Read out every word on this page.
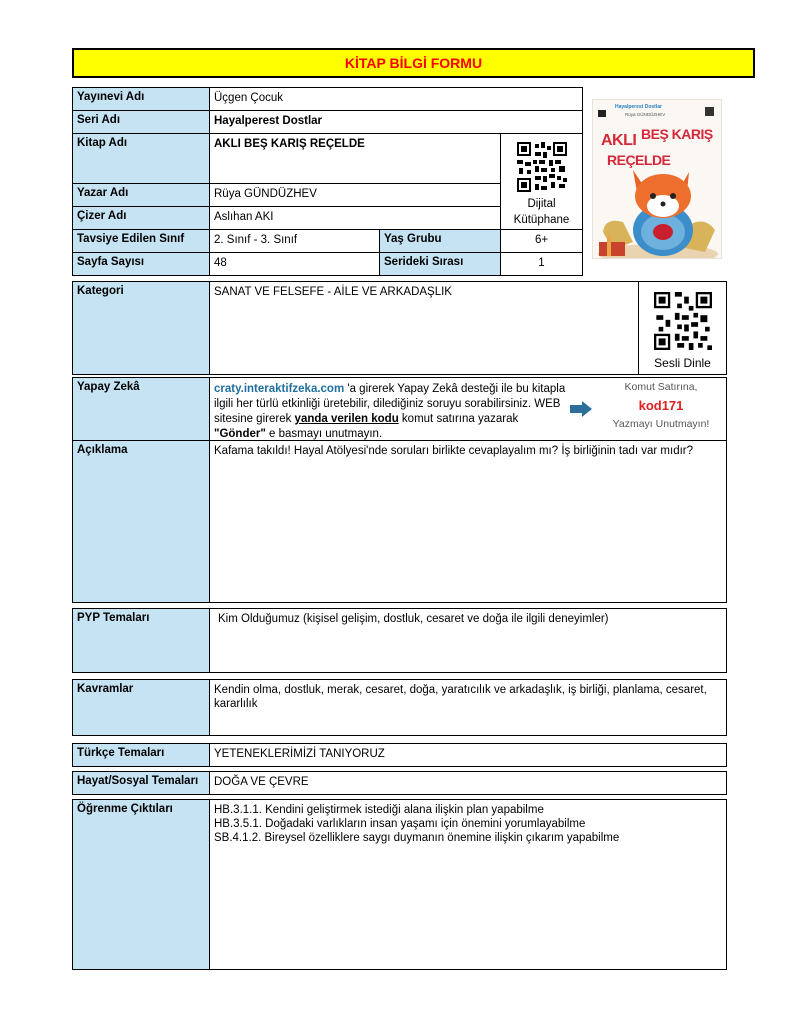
KİTAP BİLGİ FORMU
Yayınevi Adı	Üçgen Çocuk
Seri Adı	Hayalperest Dostlar
Kitap Adı	AKLI BEŞ KARIŞ REÇELDE
Yazar Adı	Rüya GÜNDÜZHEV
Çizer Adı	Aslıhan AKI
Dijital Kütüphane
Tavsiye Edilen Sınıf	2. Sınıf - 3. Sınıf	Yaş Grubu	6+
Sayfa Sayısı	48	Serideki Sırası	1
Hayalperest Dostlar
Rüya GÜNDÜZHEV
AKLI BEŞ KARIŞ
REÇELDE
Kategori	SANAT VE FELSEFE - AİLE VE ARKADAŞLIK
Sesli Dinle
Yapay Zekâ	craty.interaktifzeka.com 'a girerek Yapay Zekâ desteği ile bu kitapla ilgili her türlü etkinliği üretebilir, dilediğiniz soruyu sorabilirsiniz. WEB sitesine girerek yanda verilen kodu komut satırına yazarak "Gönder" e basmayı unutmayın.
Komut Satırına,
kod171
Yazmayı Unutmayın!
Açıklama	Kafama takıldı! Hayal Atölyesi'nde soruları birlikte cevaplayalım mı? İş birliğinin tadı var mıdır?
PYP Temaları	Kim Olduğumuz (kişisel gelişim, dostluk, cesaret ve doğa ile ilgili deneyimler)
Kavramlar	Kendin olma, dostluk, merak, cesaret, doğa, yaratıcılık ve arkadaşlık, iş birliği, planlama, cesaret, kararlılık
Türkçe Temaları	YETENEKLERİMİZİ TANIYORUZ
Hayat/Sosyal Temaları	DOĞA VE ÇEVRE
Öğrenme Çıktıları	HB.3.1.1. Kendini geliştirmek istediği alana ilişkin plan yapabilme
HB.3.5.1. Doğadaki varlıkların insan yaşamı için önemini yorumlayabilme
SB.4.1.2. Bireysel özelliklere saygı duymanın önemine ilişkin çıkarım yapabilme
